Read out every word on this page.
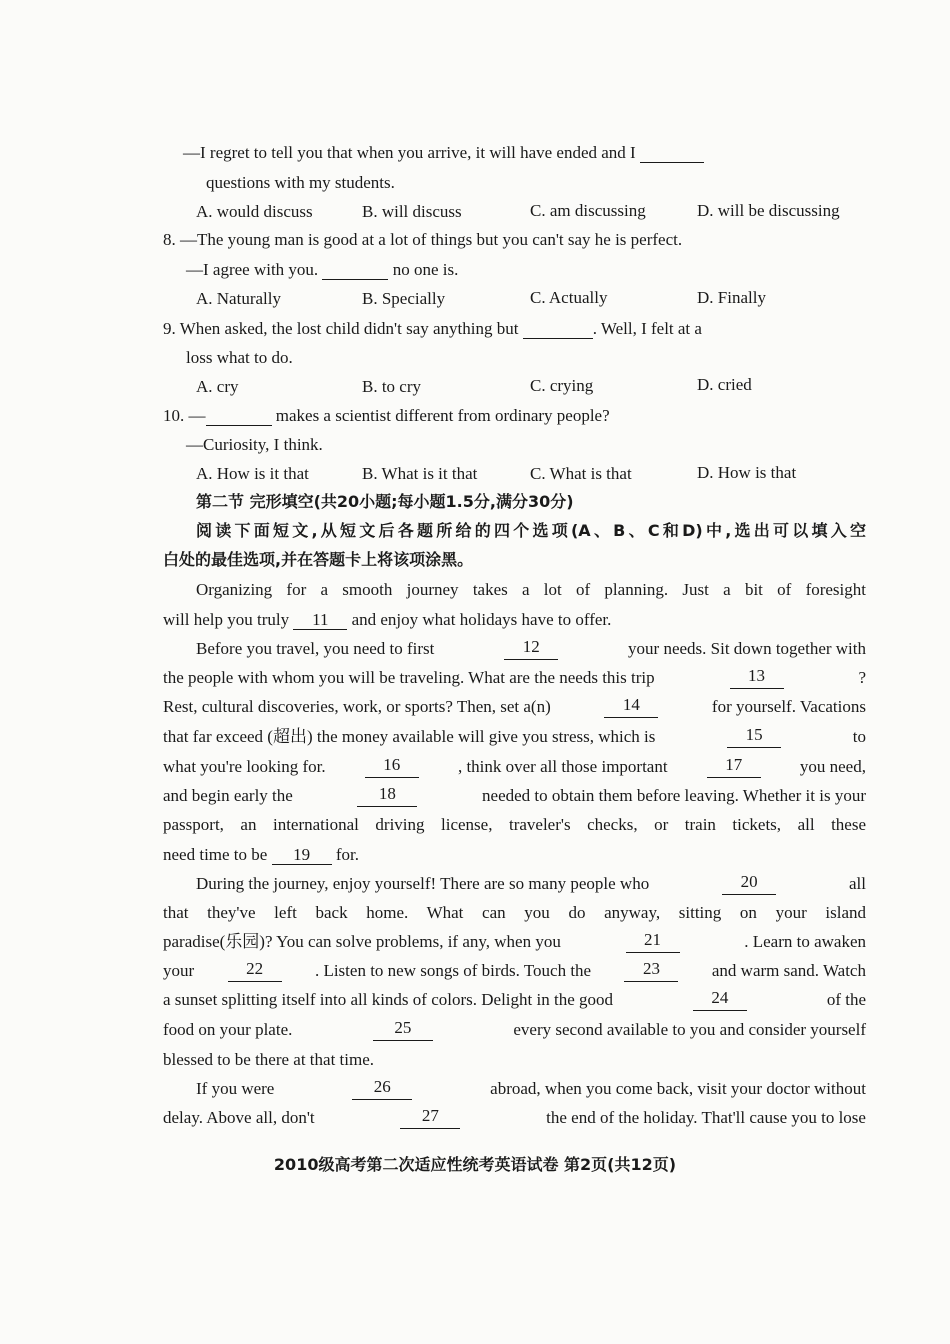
—I regret to tell you that when you arrive, it will have ended and I
questions with my students.
A. would discuss	B. will discuss	C. am discussing	D. will be discussing
8. —The young man is good at a lot of things but you can't say he is perfect.
—I agree with you.	no one is.
A. Naturally	B. Specially	C. Actually	D. Finally
9. When asked, the lost child didn't say anything but	. Well, I felt at a
loss what to do.
A. cry	B. to cry	C. crying	D. cried
10. —	makes a scientist different from ordinary people?
—Curiosity, I think.
A. How is it that	B. What is it that	C. What is that	D. How is that
第二节 完形填空(共20小题;每小题1.5分,满分30分)
阅读下面短文,从短文后各题所给的四个选项(A、B、C和D)中,选出可以填入空
白处的最佳选项,并在答题卡上将该项涂黑。
Organizing for a smooth journey takes a lot of planning. Just a bit of foresight
will help you truly 11 and enjoy what holidays have to offer.
Before you travel, you need to first	12	your needs. Sit down together with
the people with whom you will be traveling. What are the needs this trip	13	?
Rest, cultural discoveries, work, or sports? Then, set a(n)	14	for yourself. Vacations
that far exceed (超出) the money available will give you stress, which is	15	to
what you're looking for.	16	, think over all those important	17	you need,
and begin early the	18	needed to obtain them before leaving. Whether it is your
passport, an international driving license, traveler's checks, or train tickets, all these
need time to be 19 for.
During the journey, enjoy yourself! There are so many people who	20	all
that they've left back home. What can you do anyway, sitting on your island
paradise(乐园)? You can solve problems, if any, when you	21	. Learn to awaken
your	22	. Listen to new songs of birds. Touch the	23	and warm sand. Watch
a sunset splitting itself into all kinds of colors. Delight in the good	24	of the
food on your plate.	25	every second available to you and consider yourself
blessed to be there at that time.
If you were	26	abroad, when you come back, visit your doctor without
delay. Above all, don't	27	the end of the holiday. That'll cause you to lose
2010级高考第二次适应性统考英语试卷 第2页(共12页)
